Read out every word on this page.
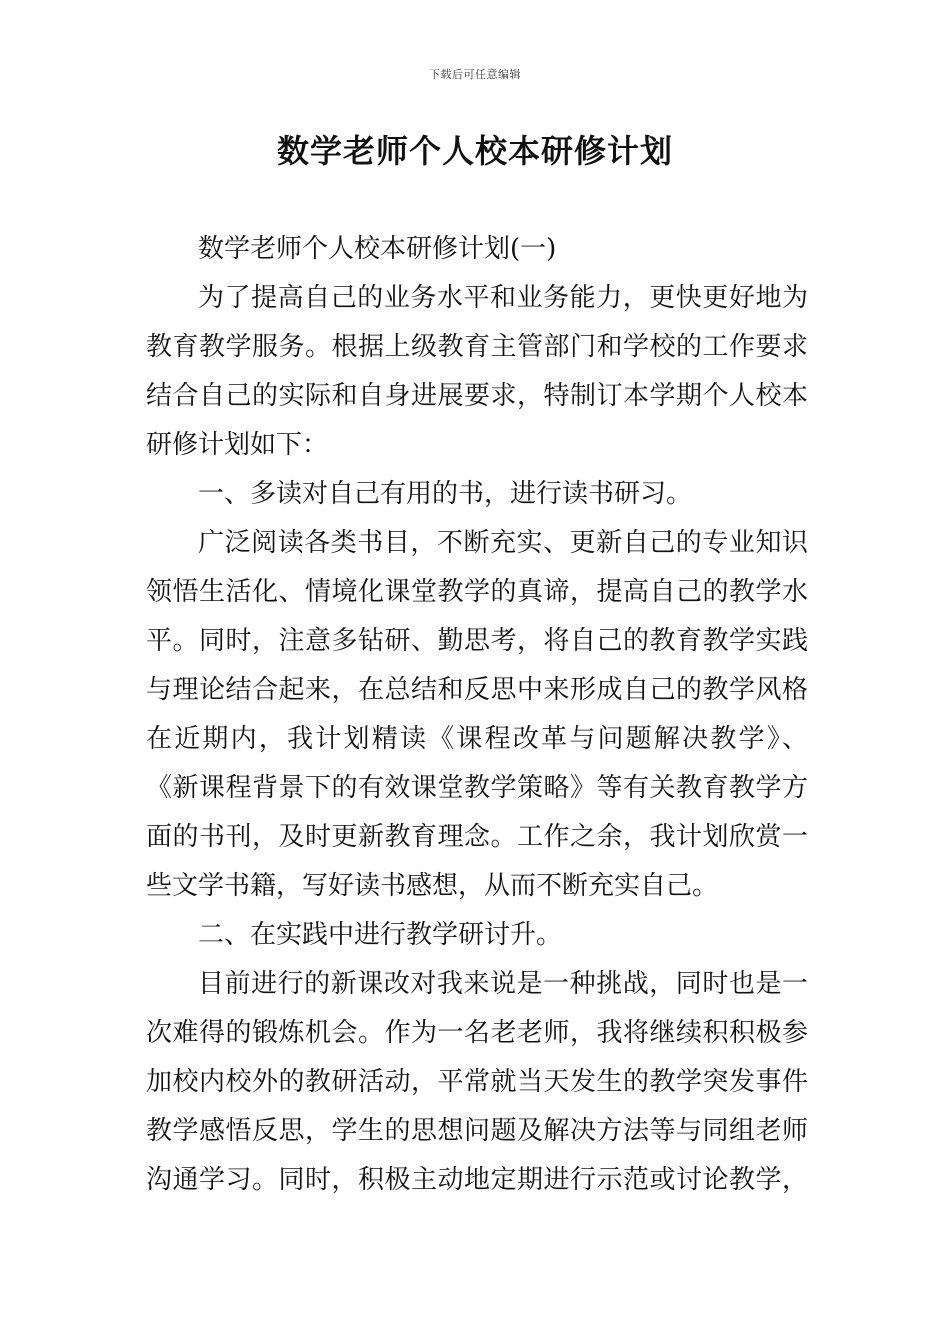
下载后可任意编辑
数学老师个人校本研修计划
数学老师个人校本研修计划(一)
为了提高自己的业务水平和业务能力，更快更好地为
教育教学服务。根据上级教育主管部门和学校的工作要求
结合自己的实际和自身进展要求，特制订本学期个人校本
研修计划如下：
一、多读对自己有用的书，进行读书研习。
广泛阅读各类书目，不断充实、更新自己的专业知识
领悟生活化、情境化课堂教学的真谛，提高自己的教学水
平。同时，注意多钻研、勤思考，将自己的教育教学实践
与理论结合起来，在总结和反思中来形成自己的教学风格
在近期内，我计划精读《课程改革与问题解决教学》、
《新课程背景下的有效课堂教学策略》等有关教育教学方
面的书刊，及时更新教育理念。工作之余，我计划欣赏一
些文学书籍，写好读书感想，从而不断充实自己。
二、在实践中进行教学研讨升。
目前进行的新课改对我来说是一种挑战，同时也是一
次难得的锻炼机会。作为一名老老师，我将继续积积极参
加校内校外的教研活动，平常就当天发生的教学突发事件
教学感悟反思，学生的思想问题及解决方法等与同组老师
沟通学习。同时，积极主动地定期进行示范或讨论教学，
